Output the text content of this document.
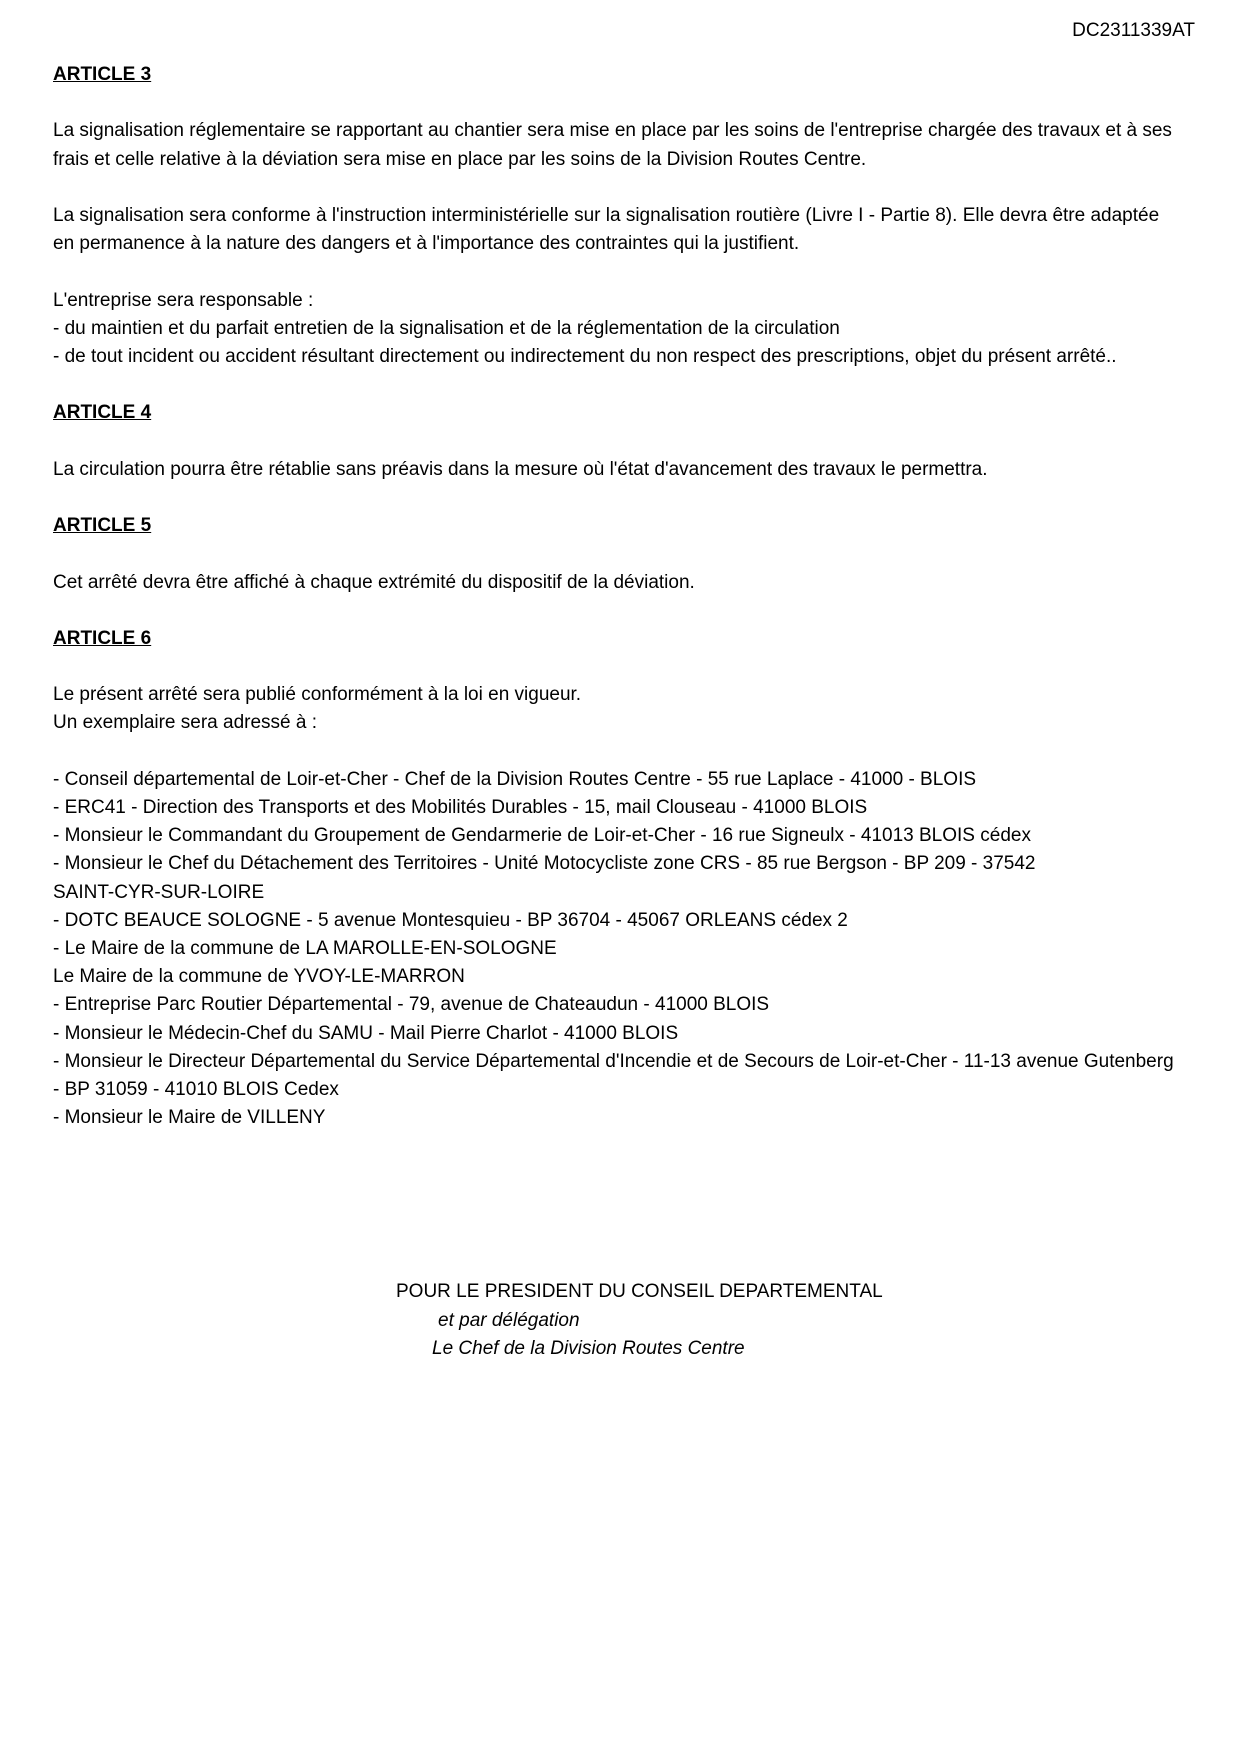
DC2311339AT

ARTICLE 3

La signalisation réglementaire se rapportant au chantier sera mise en place par les soins de l'entreprise chargée des travaux et à ses

frais et celle relative à la déviation sera mise en place par les soins de la Division Routes Centre.

La signalisation sera conforme à l'instruction interministérielle sur la signalisation routière (Livre I - Partie 8). Elle devra être adaptée

en permanence à la nature des dangers et à l'importance des contraintes qui la justifient.

L'entreprise sera responsable :

- du maintien et du parfait entretien de la signalisation et de la réglementation de la circulation

- de tout incident ou accident résultant directement ou indirectement du non respect des prescriptions, objet du présent arrêté..

ARTICLE 4

La circulation pourra être rétablie sans préavis dans la mesure où l'état d'avancement des travaux le permettra.

ARTICLE 5

Cet arrêté devra être affiché à chaque extrémité du dispositif de la déviation.

ARTICLE 6

Le présent arrêté sera publié conformément à la loi en vigueur.

Un exemplaire sera adressé à :

- Conseil départemental de Loir-et-Cher - Chef de la Division Routes Centre - 55 rue Laplace - 41000 - BLOIS

- ERC41 - Direction des Transports et des Mobilités Durables - 15, mail Clouseau - 41000 BLOIS

- Monsieur le Commandant du Groupement de Gendarmerie de Loir-et-Cher - 16 rue Signeulx - 41013 BLOIS cédex

- Monsieur le Chef du Détachement des Territoires - Unité Motocycliste zone CRS - 85 rue Bergson - BP 209 - 37542

SAINT-CYR-SUR-LOIRE

- DOTC BEAUCE SOLOGNE - 5 avenue Montesquieu - BP 36704 - 45067 ORLEANS cédex 2

- Le Maire de la commune de LA MAROLLE-EN-SOLOGNE

Le Maire de la commune de YVOY-LE-MARRON

- Entreprise Parc Routier Départemental - 79, avenue de Chateaudun - 41000 BLOIS

- Monsieur le Médecin-Chef du SAMU - Mail Pierre Charlot - 41000 BLOIS

- Monsieur le Directeur Départemental du Service Départemental d'Incendie et de Secours de Loir-et-Cher - 11-13 avenue Gutenberg

- BP 31059 - 41010 BLOIS Cedex

- Monsieur le Maire de VILLENY

POUR LE PRESIDENT DU CONSEIL DEPARTEMENTAL
et par délégation
Le Chef de la Division Routes Centre
